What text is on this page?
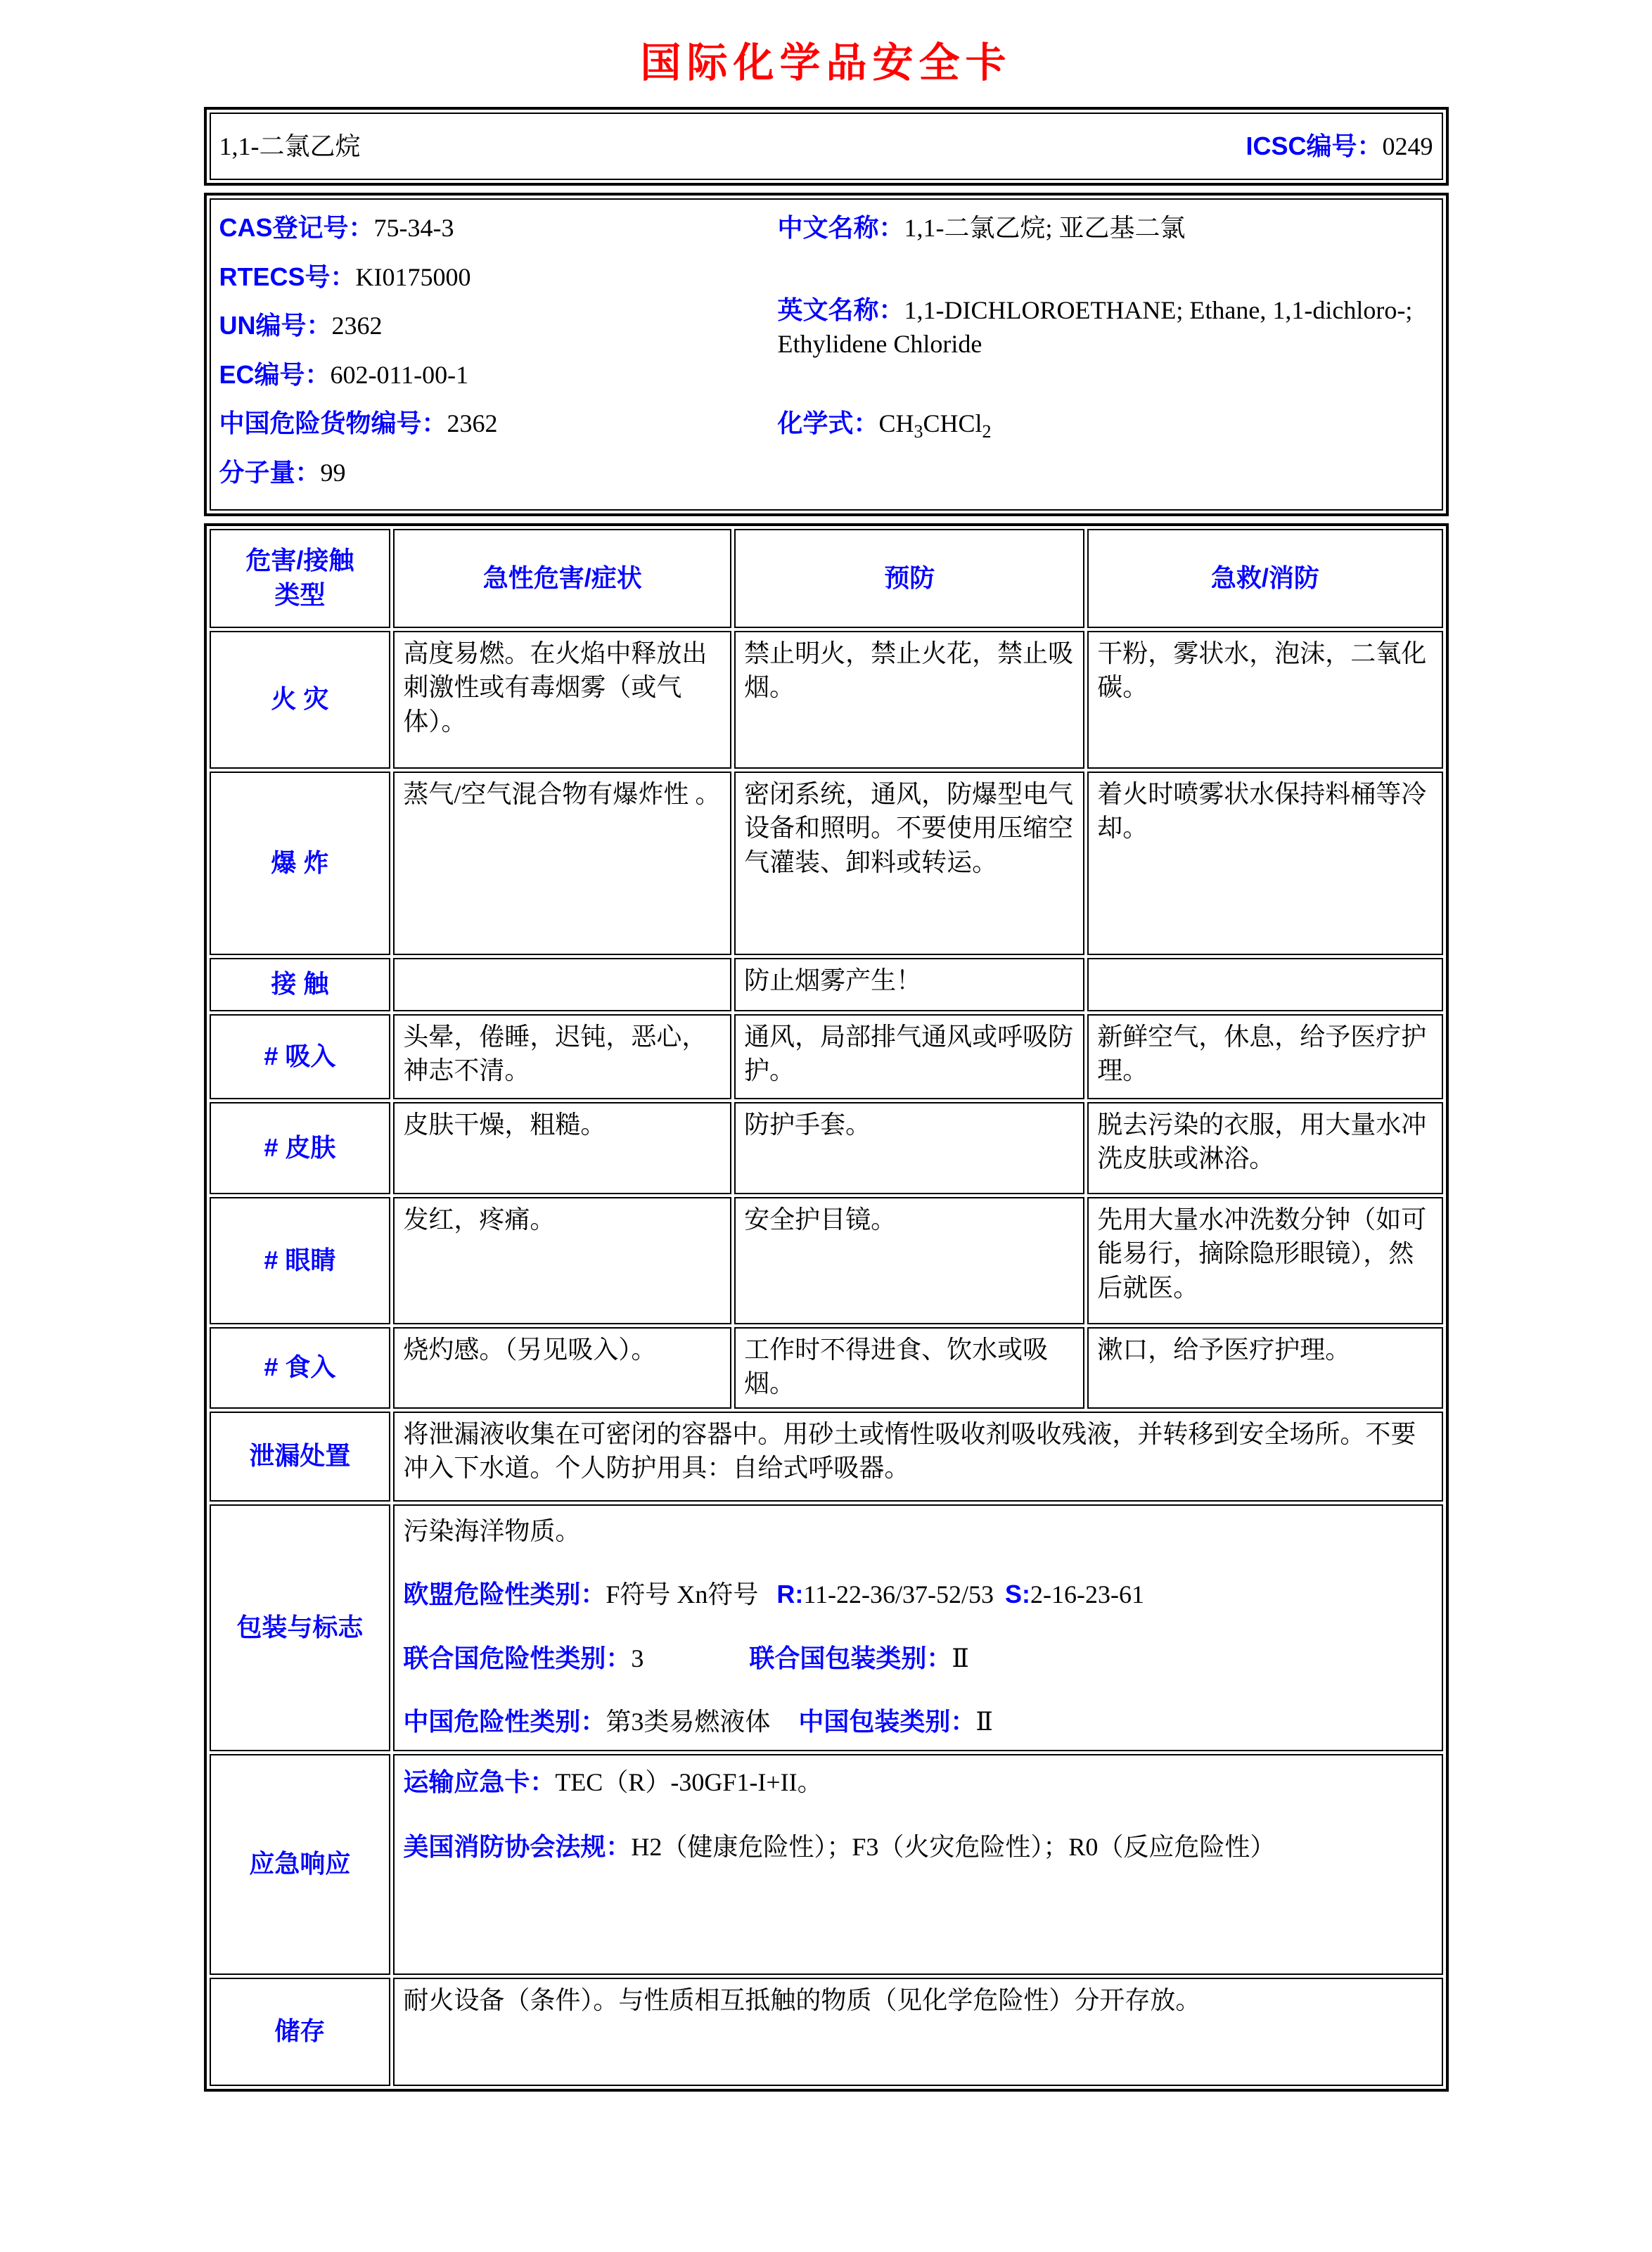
国际化学品安全卡
1,1-二氯乙烷	ICSC编号：0249
CAS登记号：75-34-3
RTECS号：KI0175000
UN编号：2362
EC编号：602-011-00-1
中国危险货物编号：2362
分子量：99
中文名称：1,1-二氯乙烷; 亚乙基二氯
英文名称：1,1-DICHLOROETHANE; Ethane, 1,1-dichloro-; Ethylidene Chloride
化学式：$CH_3CHCl_2$
危害/接触
类型	急性危害/症状	预防	急救/消防
火 灾	高度易燃。在火焰中释放出刺激性或有毒烟雾（或气体）。	禁止明火，禁止火花，禁止吸烟。	干粉，雾状水，泡沫，二氧化碳。
爆 炸	蒸气/空气混合物有爆炸性 。	密闭系统，通风，防爆型电气设备和照明。不要使用压缩空气灌装、卸料或转运。	着火时喷雾状水保持料桶等冷却。
接 触		防止烟雾产生！	
# 吸入	头晕，倦睡，迟钝，恶心，神志不清。	通风，局部排气通风或呼吸防护。	新鲜空气，休息，给予医疗护理。
# 皮肤	皮肤干燥，粗糙。	防护手套。	脱去污染的衣服，用大量水冲洗皮肤或淋浴。
# 眼睛	发红，疼痛。	安全护目镜。	先用大量水冲洗数分钟（如可能易行，摘除隐形眼镜），然后就医。
# 食入	烧灼感。（另见吸入）。	工作时不得进食、饮水或吸烟。	漱口，给予医疗护理。
泄漏处置	将泄漏液收集在可密闭的容器中。用砂土或惰性吸收剂吸收残液，并转移到安全场所。不要冲入下水道。个人防护用具：自给式呼吸器。		
包装与标志	污染海洋物质。
欧盟危险性类别：F符号 Xn符号 R:11-22-36/37-52/53 S:2-16-23-61
联合国危险性类别：3 联合国包装类别：Ⅱ
中国危险性类别：第3类易燃液体 中国包装类别：Ⅱ		

应急响应	运输应急卡：TEC（R）-30GF1-I+II。
美国消防协会法规：H2（健康危险性）；F3（火灾危险性）；R0（反应危险性）		

储存	耐火设备（条件）。与性质相互抵触的物质（见化学危险性）分开存放。		
